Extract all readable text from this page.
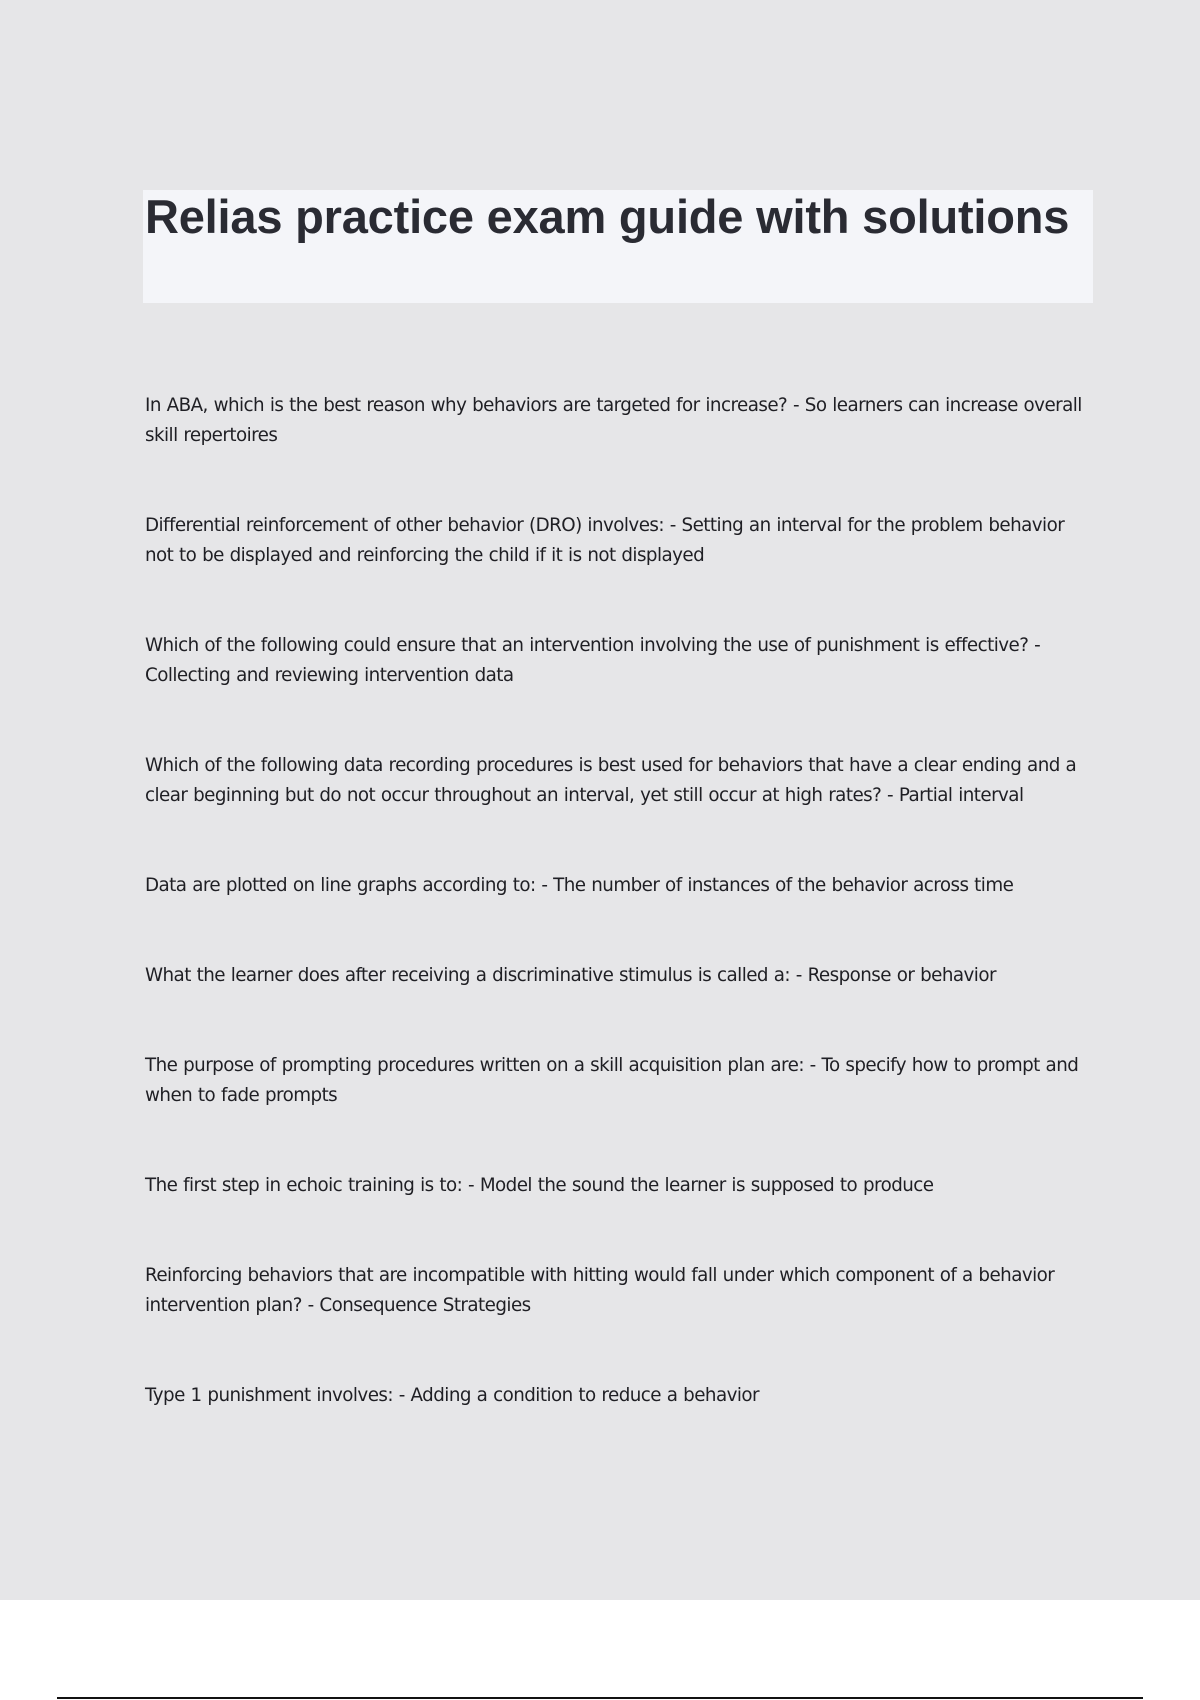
Relias practice exam guide with solutions
In ABA, which is the best reason why behaviors are targeted for increase? - So learners can increase overall skill repertoires
Differential reinforcement of other behavior (DRO) involves: - Setting an interval for the problem behavior not to be displayed and reinforcing the child if it is not displayed
Which of the following could ensure that an intervention involving the use of punishment is effective? - Collecting and reviewing intervention data
Which of the following data recording procedures is best used for behaviors that have a clear ending and a clear beginning but do not occur throughout an interval, yet still occur at high rates? - Partial interval
Data are plotted on line graphs according to: - The number of instances of the behavior across time
What the learner does after receiving a discriminative stimulus is called a: - Response or behavior
The purpose of prompting procedures written on a skill acquisition plan are: - To specify how to prompt and when to fade prompts
The first step in echoic training is to: - Model the sound the learner is supposed to produce
Reinforcing behaviors that are incompatible with hitting would fall under which component of a behavior intervention plan? - Consequence Strategies
Type 1 punishment involves: - Adding a condition to reduce a behavior
